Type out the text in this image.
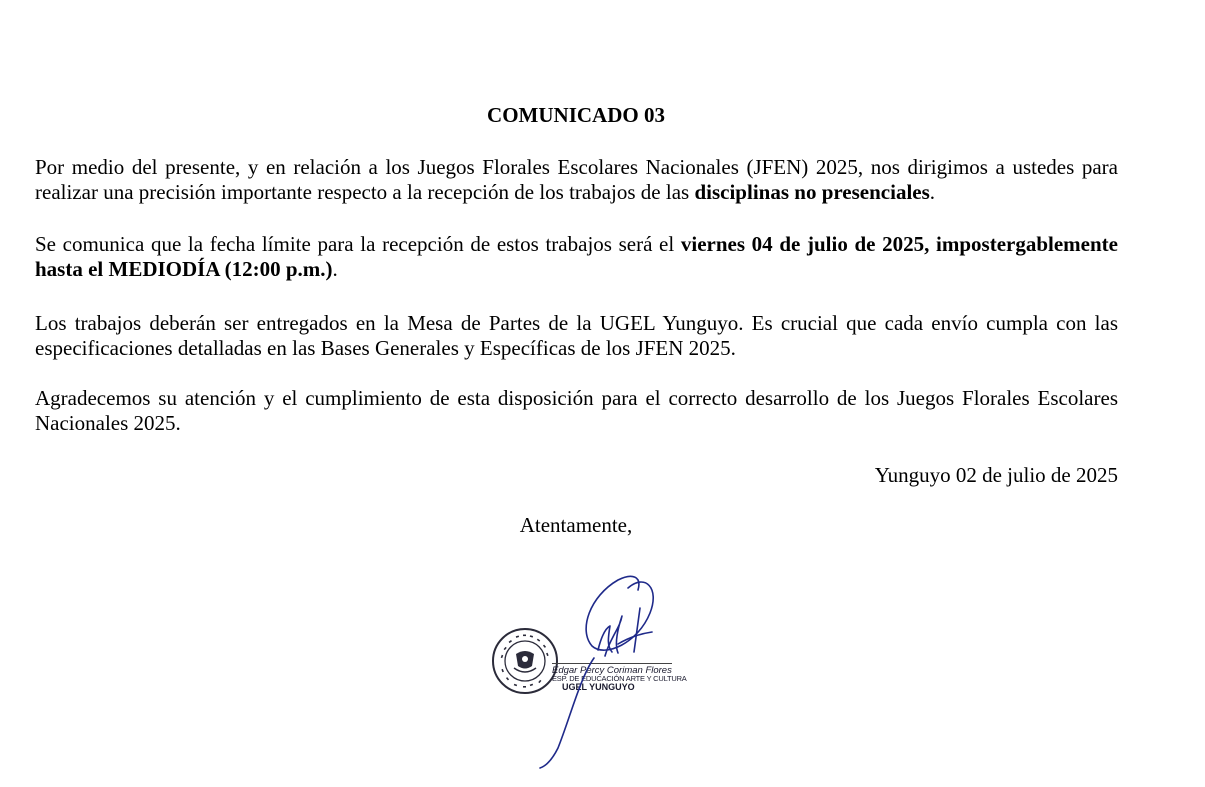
COMUNICADO 03
Por medio del presente, y en relación a los Juegos Florales Escolares Nacionales (JFEN) 2025, nos dirigimos a ustedes para realizar una precisión importante respecto a la recepción de los trabajos de las disciplinas no presenciales.
Se comunica que la fecha límite para la recepción de estos trabajos será el viernes 04 de julio de 2025, impostergablemente hasta el MEDIODÍA (12:00 p.m.).
Los trabajos deberán ser entregados en la Mesa de Partes de la UGEL Yunguyo. Es crucial que cada envío cumpla con las especificaciones detalladas en las Bases Generales y Específicas de los JFEN 2025.
Agradecemos su atención y el cumplimiento de esta disposición para el correcto desarrollo de los Juegos Florales Escolares Nacionales 2025.
Yunguyo 02 de julio de 2025
Atentamente,
Edgar Percy Coriman Flores
ESP. DE EDUCACIÓN ARTE Y CULTURA
UGEL YUNGUYO
